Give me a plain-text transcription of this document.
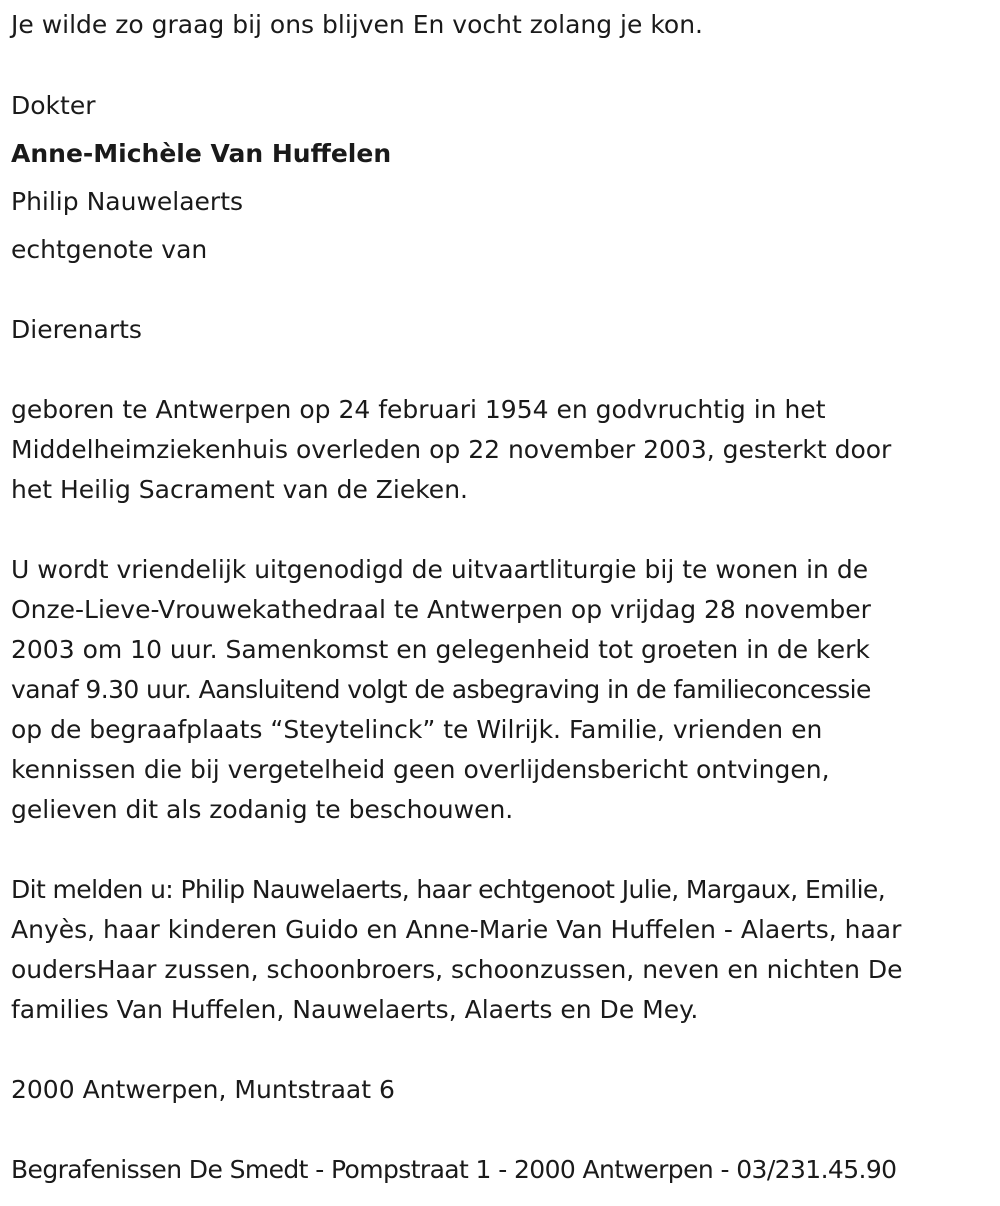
Je wilde zo graag bij ons blijven En vocht zolang je kon.
Dokter
Anne-Michèle Van Huffelen
Philip Nauwelaerts
echtgenote van
Dierenarts
geboren te Antwerpen op 24 februari 1954 en godvruchtig in het
Middelheimziekenhuis overleden op 22 november 2003, gesterkt door
het Heilig Sacrament van de Zieken.
U wordt vriendelijk uitgenodigd de uitvaartliturgie bij te wonen in de
Onze-Lieve-Vrouwekathedraal te Antwerpen op vrijdag 28 november
2003 om 10 uur. Samenkomst en gelegenheid tot groeten in de kerk
vanaf 9.30 uur. Aansluitend volgt de asbegraving in de familieconcessie
op de begraafplaats “Steytelinck” te Wilrijk. Familie, vrienden en
kennissen die bij vergetelheid geen overlijdensbericht ontvingen,
gelieven dit als zodanig te beschouwen.
Dit melden u: Philip Nauwelaerts, haar echtgenoot Julie, Margaux, Emilie,
Anyès, haar kinderen Guido en Anne-Marie Van Huffelen - Alaerts, haar
oudersHaar zussen, schoonbroers, schoonzussen, neven en nichten De
families Van Huffelen, Nauwelaerts, Alaerts en De Mey.
2000 Antwerpen, Muntstraat 6
Begrafenissen De Smedt - Pompstraat 1 - 2000 Antwerpen - 03/231.45.90
